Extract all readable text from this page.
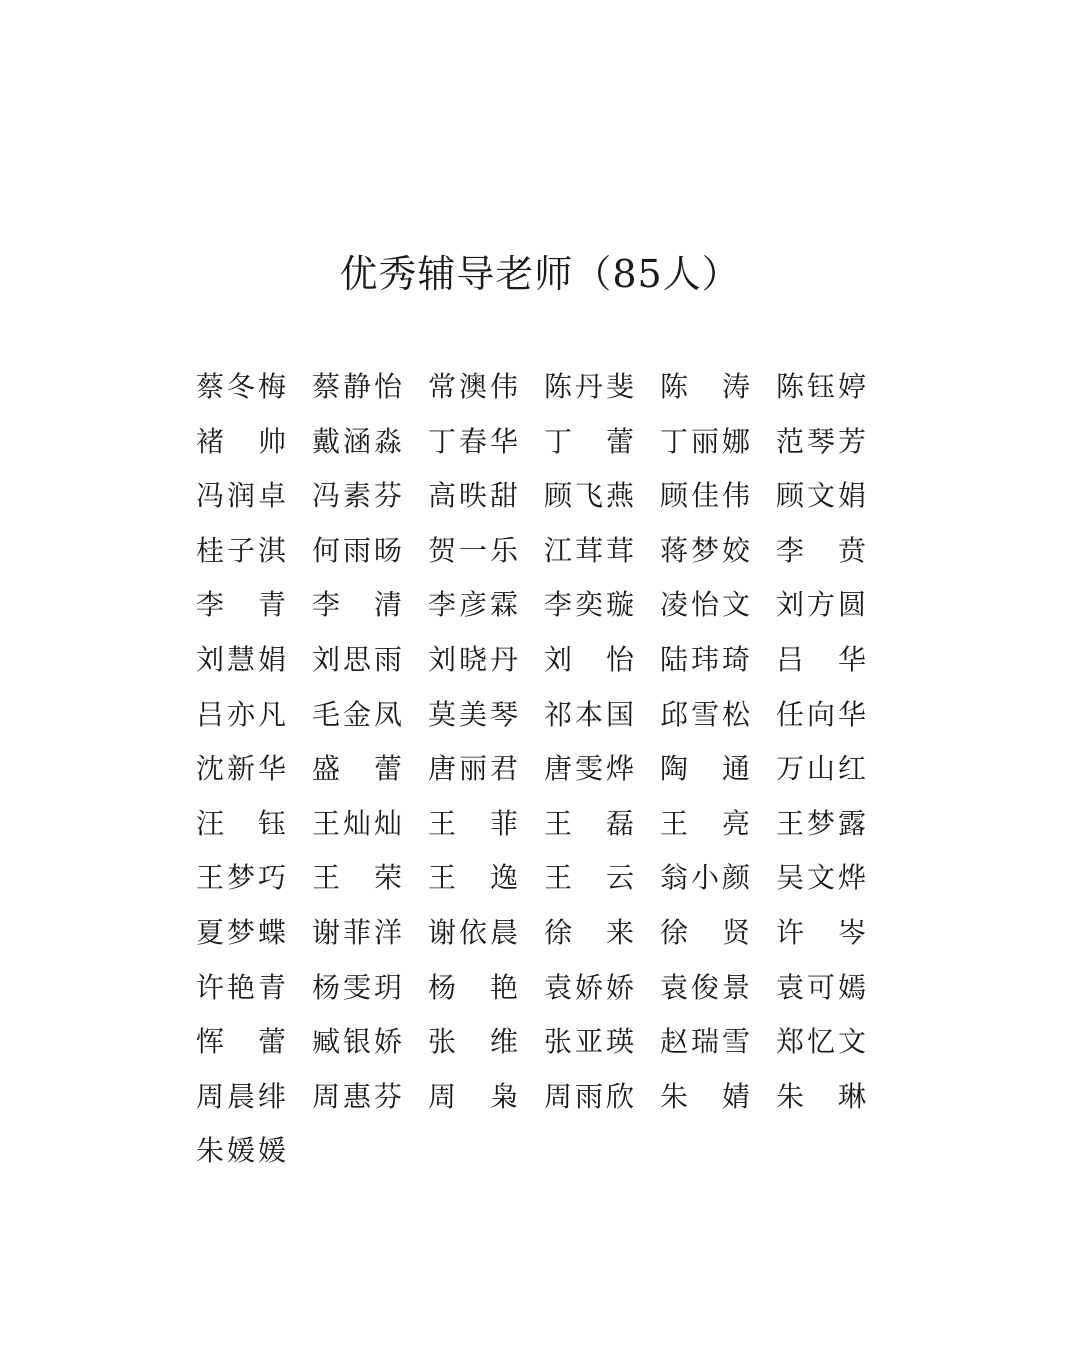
优秀辅导老师（85人）
蔡 冬 梅 蔡 静 怡 常 澳 伟 陈 丹 斐 陈 涛 陈 钰 婷
褚 帅 戴 涵 淼 丁 春 华 丁 蕾 丁 丽 娜 范 琴 芳
冯 润 卓 冯 素 芬 高 昳 甜 顾 飞 燕 顾 佳 伟 顾 文 娟
桂 子 淇 何 雨 旸 贺 一 乐 江 茸 茸 蒋 梦 姣 李 贲
李 青 李 清 李 彦 霖 李 奕 璇 凌 怡 文 刘 方 圆
刘 慧 娟 刘 思 雨 刘 晓 丹 刘 怡 陆 玮 琦 吕 华
吕 亦 凡 毛 金 凤 莫 美 琴 祁 本 国 邱 雪 松 任 向 华
沈 新 华 盛 蕾 唐 丽 君 唐 雯 烨 陶 通 万 山 红
汪 钰 王 灿 灿 王 菲 王 磊 王 亮 王 梦 露
王 梦 巧 王 荣 王 逸 王 云 翁 小 颜 吴 文 烨
夏 梦 蝶 谢 菲 洋 谢 依 晨 徐 来 徐 贤 许 岑
许 艳 青 杨 雯 玥 杨 艳 袁 娇 娇 袁 俊 景 袁 可 嫣
恽 蕾 臧 银 娇 张 维 张 亚 瑛 赵 瑞 雪 郑 忆 文
周 晨 绯 周 惠 芬 周 枭 周 雨 欣 朱 婧 朱 琳
朱 媛 媛
